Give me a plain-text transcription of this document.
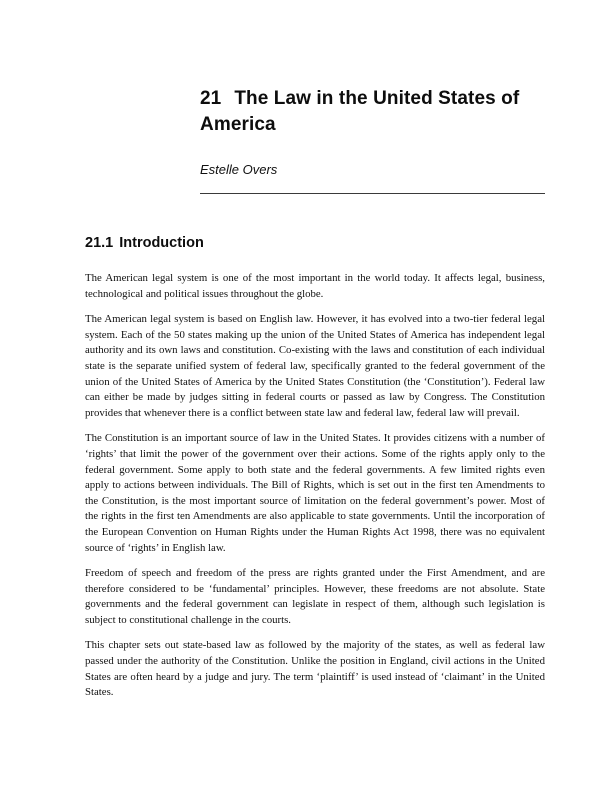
21 The Law in the United States of America

Estelle Overs

21.1 Introduction

The American legal system is one of the most important in the world today. It affects legal, business, technological and political issues throughout the globe.

The American legal system is based on English law. However, it has evolved into a two-tier federal legal system. Each of the 50 states making up the union of the United States of America has independent legal authority and its own laws and constitution. Co-existing with the laws and constitution of each individual state is the separate unified system of federal law, specifically granted to the federal government of the union of the United States of America by the United States Constitution (the ‘Constitution’). Federal law can either be made by judges sitting in federal courts or passed as law by Congress. The Constitution provides that whenever there is a conflict between state law and federal law, federal law will prevail.

The Constitution is an important source of law in the United States. It provides citizens with a number of ‘rights’ that limit the power of the government over their actions. Some of the rights apply only to the federal government. Some apply to both state and the federal governments. A few limited rights even apply to actions between individuals. The Bill of Rights, which is set out in the first ten Amendments to the Constitution, is the most important source of limitation on the federal government’s power. Most of the rights in the first ten Amendments are also applicable to state governments. Until the incorporation of the European Convention on Human Rights under the Human Rights Act 1998, there was no equivalent source of ‘rights’ in English law.

Freedom of speech and freedom of the press are rights granted under the First Amendment, and are therefore considered to be ‘fundamental’ principles. However, these freedoms are not absolute. State governments and the federal government can legislate in respect of them, although such legislation is subject to constitutional challenge in the courts.

This chapter sets out state-based law as followed by the majority of the states, as well as federal law passed under the authority of the Constitution. Unlike the position in England, civil actions in the United States are often heard by a judge and jury. The term ‘plaintiff’ is used instead of ‘claimant’ in the United States.
